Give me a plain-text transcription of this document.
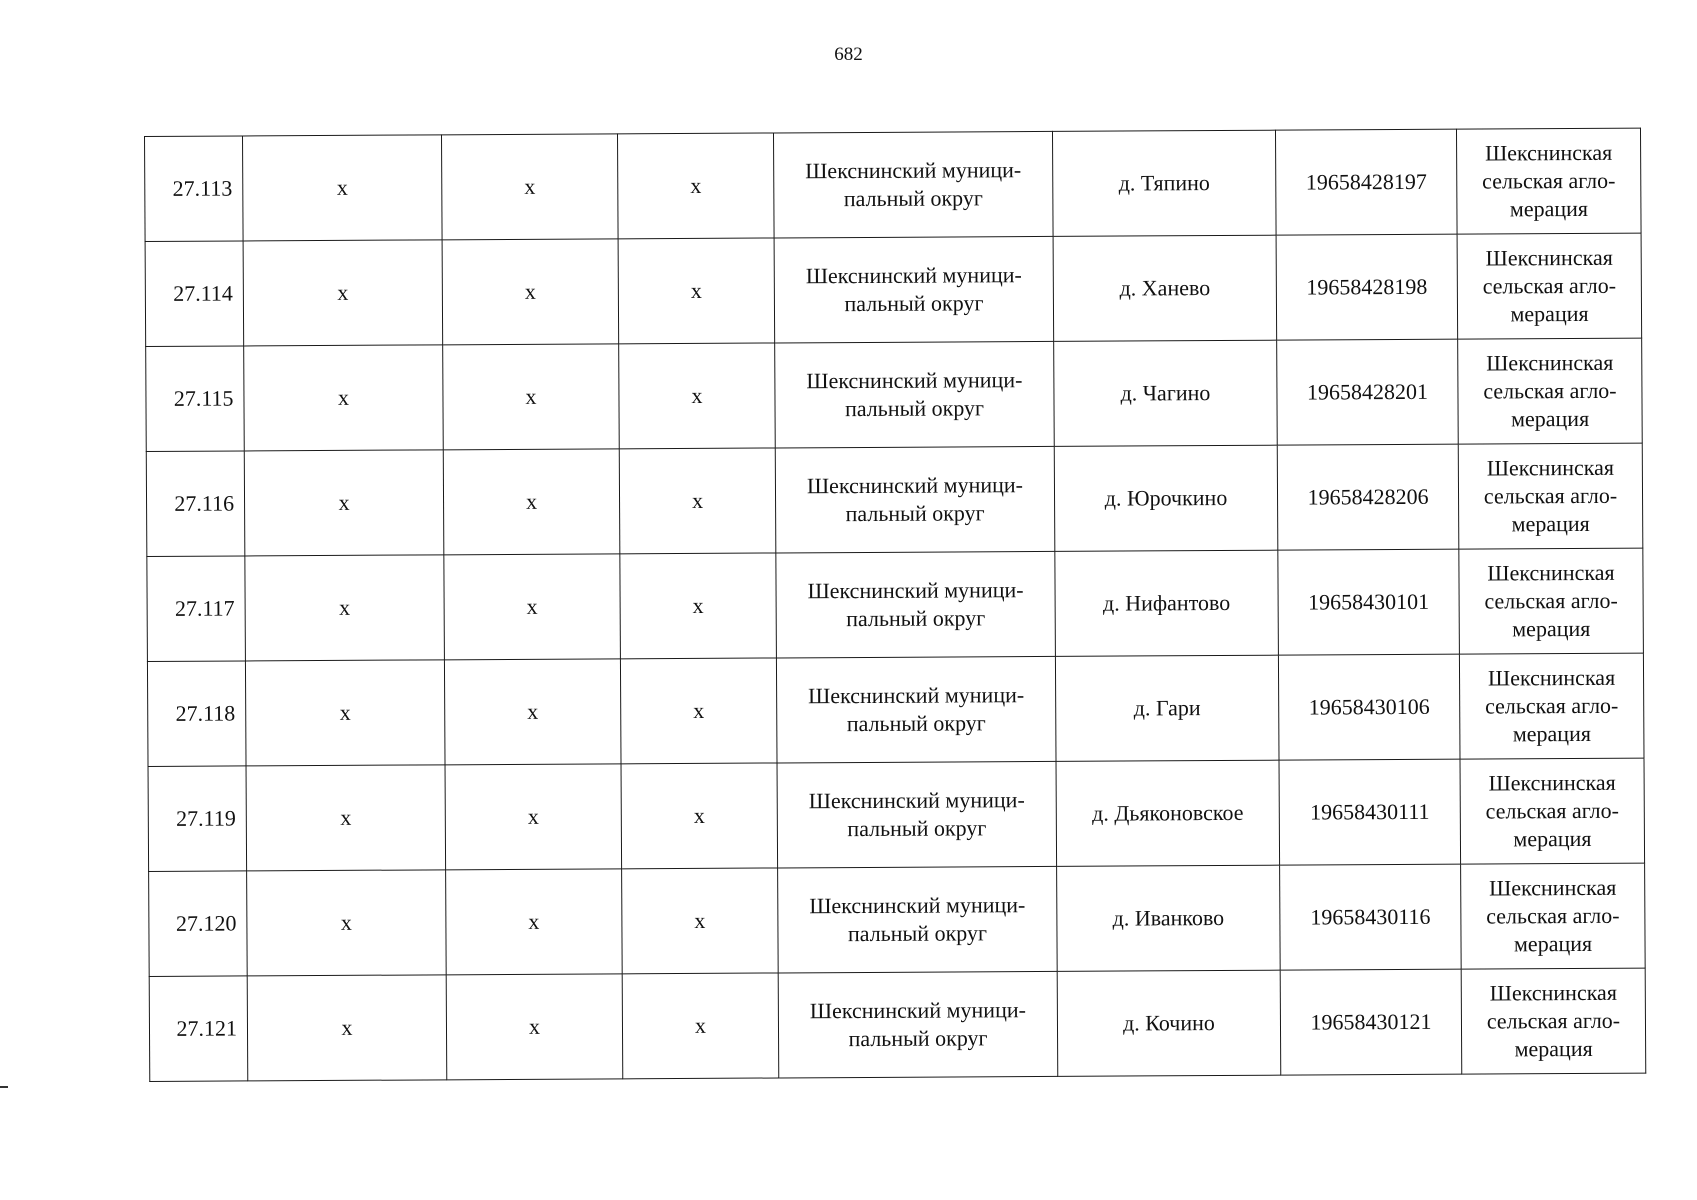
682
27.113	х	х	х	Шекснинский муници-
пальный округ	д. Тяпино	19658428197	Шекснинская
сельская агло-
мерация
27.114	х	х	х	Шекснинский муници-
пальный округ	д. Ханево	19658428198	Шекснинская
сельская агло-
мерация
27.115	х	х	х	Шекснинский муници-
пальный округ	д. Чагино	19658428201	Шекснинская
сельская агло-
мерация
27.116	х	х	х	Шекснинский муници-
пальный округ	д. Юрочкино	19658428206	Шекснинская
сельская агло-
мерация
27.117	х	х	х	Шекснинский муници-
пальный округ	д. Нифантово	19658430101	Шекснинская
сельская агло-
мерация
27.118	х	х	х	Шекснинский муници-
пальный округ	д. Гари	19658430106	Шекснинская
сельская агло-
мерация
27.119	х	х	х	Шекснинский муници-
пальный округ	д. Дьяконовское	19658430111	Шекснинская
сельская агло-
мерация
27.120	х	х	х	Шекснинский муници-
пальный округ	д. Иванково	19658430116	Шекснинская
сельская агло-
мерация
27.121	х	х	х	Шекснинский муници-
пальный округ	д. Кочино	19658430121	Шекснинская
сельская агло-
мерация
